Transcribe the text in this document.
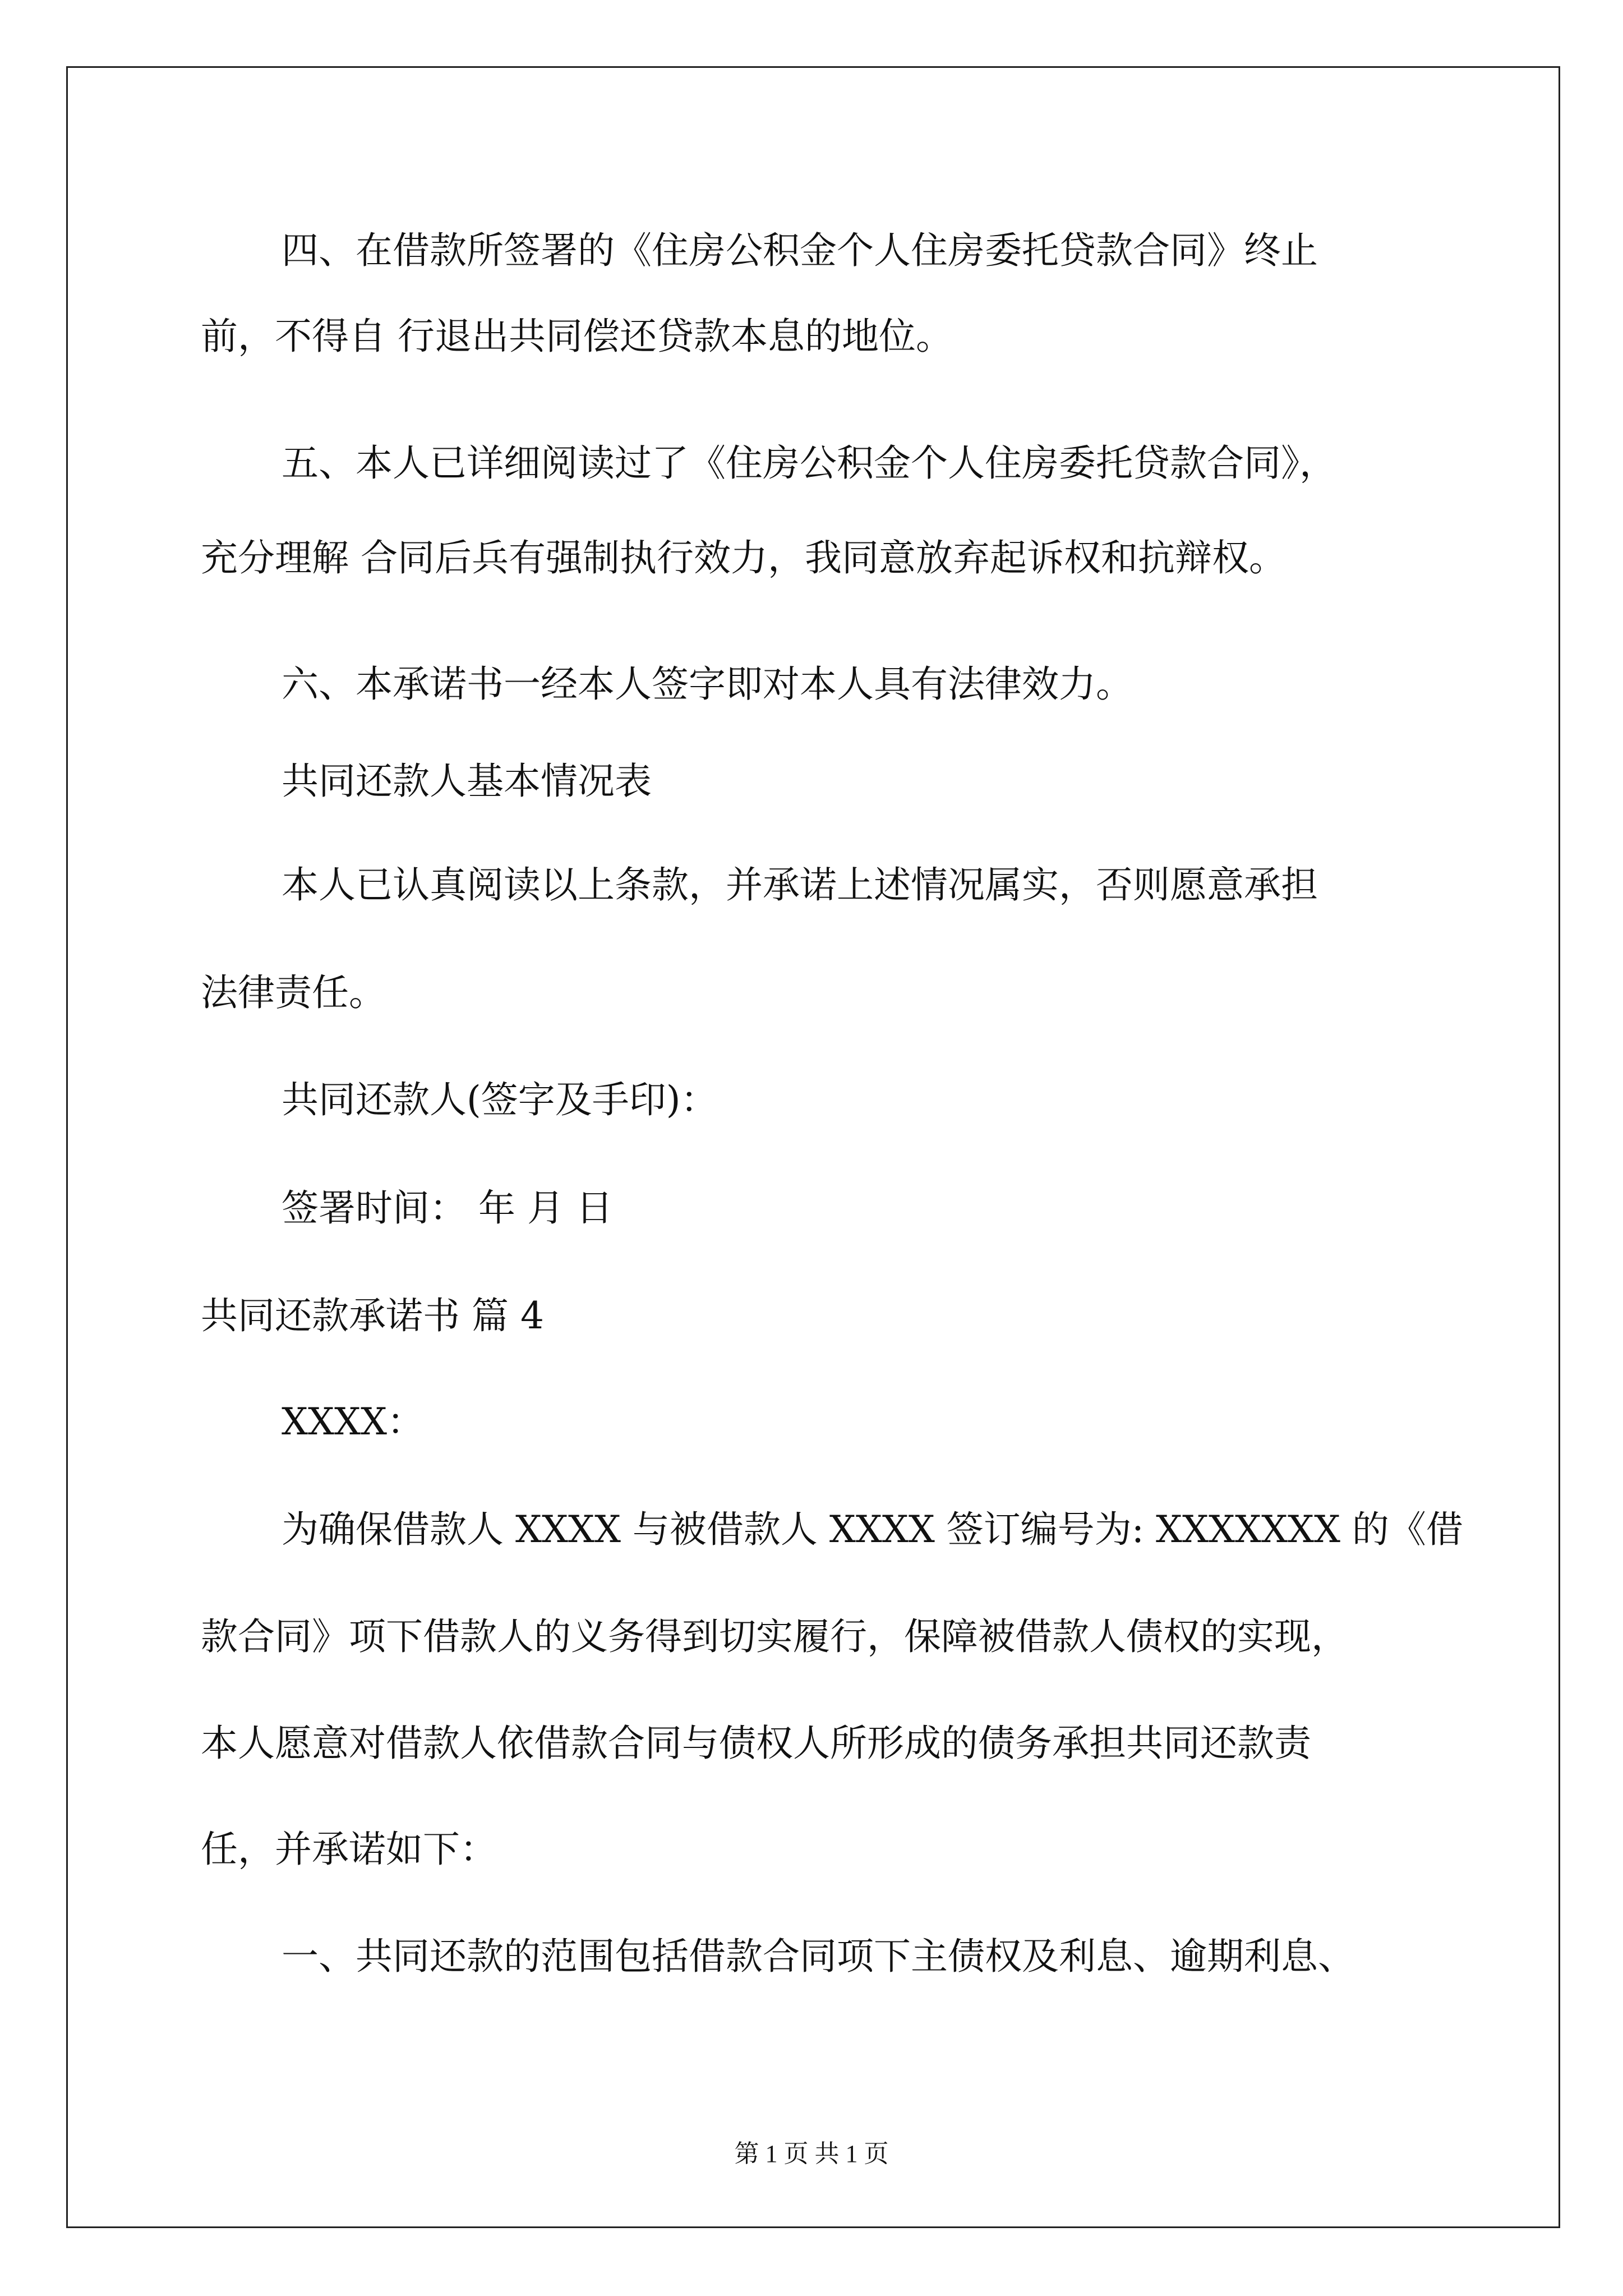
四、在借款所签署的《住房公积金个人住房委托贷款合同》终止
前，不得自 行退出共同偿还贷款本息的地位。
五、本人已详细阅读过了《住房公积金个人住房委托贷款合同》，
充分理解 合同后兵有强制执行效力，我同意放弃起诉权和抗辩权。
六、本承诺书一经本人签字即对本人具有法律效力。
共同还款人基本情况表
本人已认真阅读以上条款，并承诺上述情况属实，否则愿意承担
法律责任。
共同还款人(签字及手印)：
签署时间： 年 月 日
共同还款承诺书 篇 4
XXXX：
为确保借款人 XXXX 与被借款人 XXXX 签订编号为: XXXXXXX 的《借
款合同》项下借款人的义务得到切实履行，保障被借款人债权的实现，
本人愿意对借款人依借款合同与债权人所形成的债务承担共同还款责
任，并承诺如下：
一、共同还款的范围包括借款合同项下主债权及利息、逾期利息、
第 1 页 共 1 页
